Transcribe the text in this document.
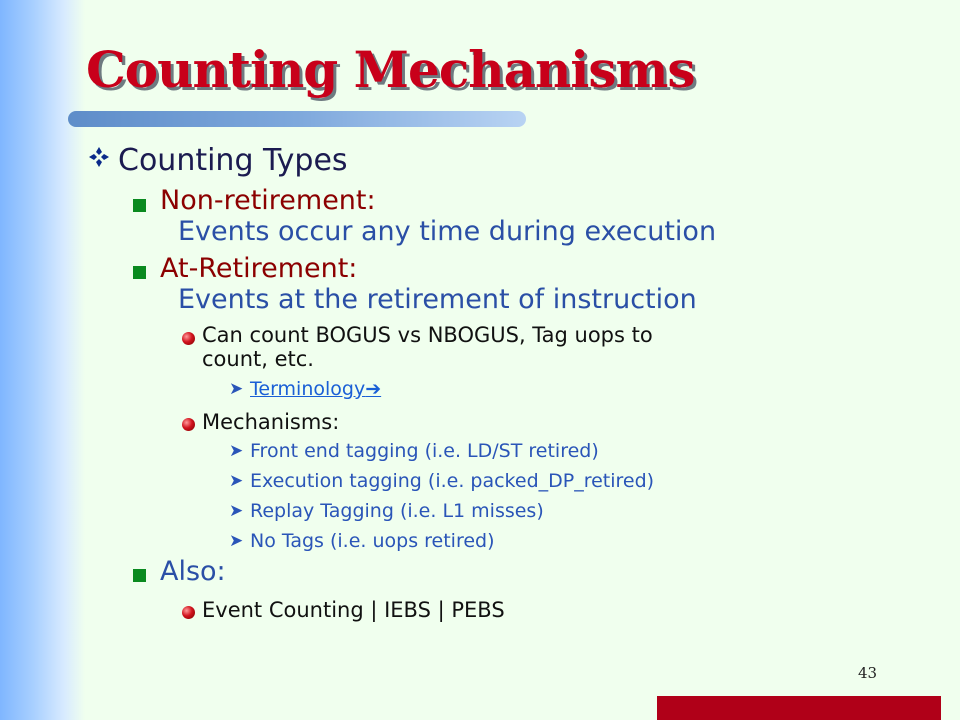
Counting Mechanisms
Counting Types
Non-retirement:
Events occur any time during execution
At-Retirement:
Events at the retirement of instruction
Can count BOGUS vs NBOGUS, Tag uops to
count, etc.
➤ Terminology➔
Mechanisms:
➤ Front end tagging (i.e. LD/ST retired)
➤ Execution tagging (i.e. packed_DP_retired)
➤ Replay Tagging (i.e. L1 misses)
➤ No Tags (i.e. uops retired)
Also:
Event Counting | IEBS | PEBS
43
